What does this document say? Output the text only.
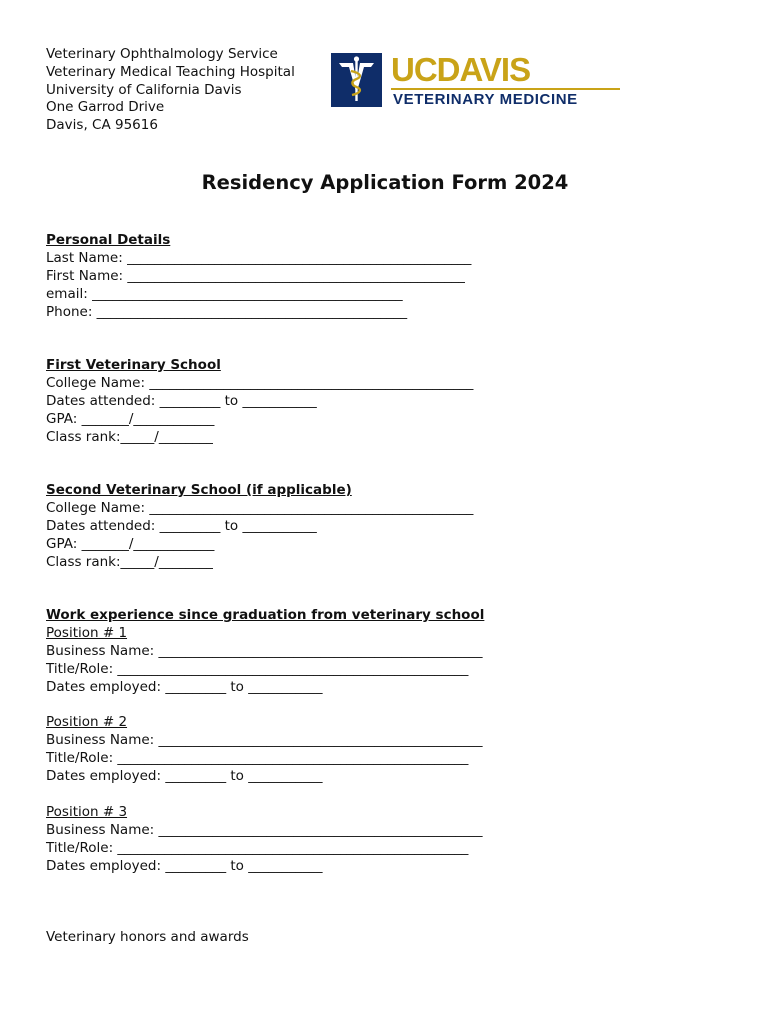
Veterinary Ophthalmology Service
Veterinary Medical Teaching Hospital
University of California Davis
One Garrod Drive
Davis, CA 95616
UCDAVIS
VETERINARY MEDICINE
Residency Application Form 2024
Personal Details
Last Name: ___________________________________________________
First Name: __________________________________________________
email: ______________________________________________
Phone: ______________________________________________
First Veterinary School
College Name: ________________________________________________
Dates attended: _________ to ___________
GPA: _______/____________
Class rank:_____/________
Second Veterinary School (if applicable)
College Name: ________________________________________________
Dates attended: _________ to ___________
GPA: _______/____________
Class rank:_____/________
Work experience since graduation from veterinary school
Position # 1
Business Name: ________________________________________________
Title/Role: ____________________________________________________
Dates employed: _________ to ___________
Position # 2
Business Name: ________________________________________________
Title/Role: ____________________________________________________
Dates employed: _________ to ___________
Position # 3
Business Name: ________________________________________________
Title/Role: ____________________________________________________
Dates employed: _________ to ___________
Veterinary honors and awards
